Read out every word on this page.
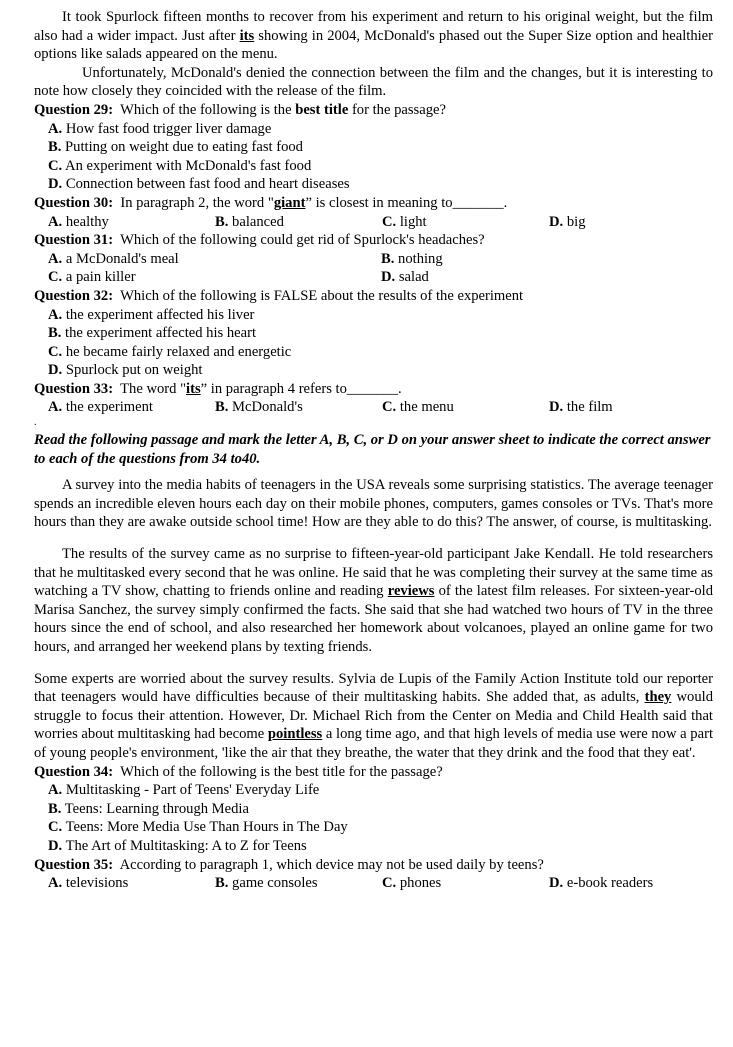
It took Spurlock fifteen months to recover from his experiment and return to his original weight, but the film also had a wider impact. Just after its showing in 2004, McDonald's phased out the Super Size option and healthier options like salads appeared on the menu.

Unfortunately, McDonald's denied the connection between the film and the changes, but it is interesting to note how closely they coincided with the release of the film.

Question 29: Which of the following is the best title for the passage?

A. How fast food trigger liver damage
B. Putting on weight due to eating fast food
C. An experiment with McDonald's fast food
D. Connection between fast food and heart diseases

Question 30: In paragraph 2, the word "giant” is closest in meaning to_______.

A. healthy	B. balanced	C. light	D. big

Question 31: Which of the following could get rid of Spurlock's headaches?

A. a McDonald's meal	B. nothing
C. a pain killer	D. salad

Question 32: Which of the following is FALSE about the results of the experiment

A. the experiment affected his liver
B. the experiment affected his heart
C. he became fairly relaxed and energetic
D. Spurlock put on weight

Question 33: The word "its” in paragraph 4 refers to_______.

A. the experiment	B. McDonald's	C. the menu	D. the film
.

Read the following passage and mark the letter A, B, C, or D on your answer sheet to indicate the correct answer to each of the questions from 34 to40.

A survey into the media habits of teenagers in the USA reveals some surprising statistics. The average teenager spends an incredible eleven hours each day on their mobile phones, computers, games consoles or TVs. That's more hours than they are awake outside school time! How are they able to do this? The answer, of course, is multitasking.

The results of the survey came as no surprise to fifteen-year-old participant Jake Kendall. He told researchers that he multitasked every second that he was online. He said that he was completing their survey at the same time as watching a TV show, chatting to friends online and reading reviews of the latest film releases. For sixteen-year-old Marisa Sanchez, the survey simply confirmed the facts. She said that she had watched two hours of TV in the three hours since the end of school, and also researched her homework about volcanoes, played an online game for two hours, and arranged her weekend plans by texting friends.

Some experts are worried about the survey results. Sylvia de Lupis of the Family Action Institute told our reporter that teenagers would have difficulties because of their multitasking habits. She added that, as adults, they would struggle to focus their attention. However, Dr. Michael Rich from the Center on Media and Child Health said that worries about multitasking had become pointless a long time ago, and that high levels of media use were now a part of young people's environment, 'like the air that they breathe, the water that they drink and the food that they eat'.

Question 34: Which of the following is the best title for the passage?

A. Multitasking - Part of Teens' Everyday Life
B. Teens: Learning through Media
C. Teens: More Media Use Than Hours in The Day
D. The Art of Multitasking: A to Z for Teens

Question 35: According to paragraph 1, which device may not be used daily by teens?

A. televisions	B. game consoles	C. phones	D. e-book readers
